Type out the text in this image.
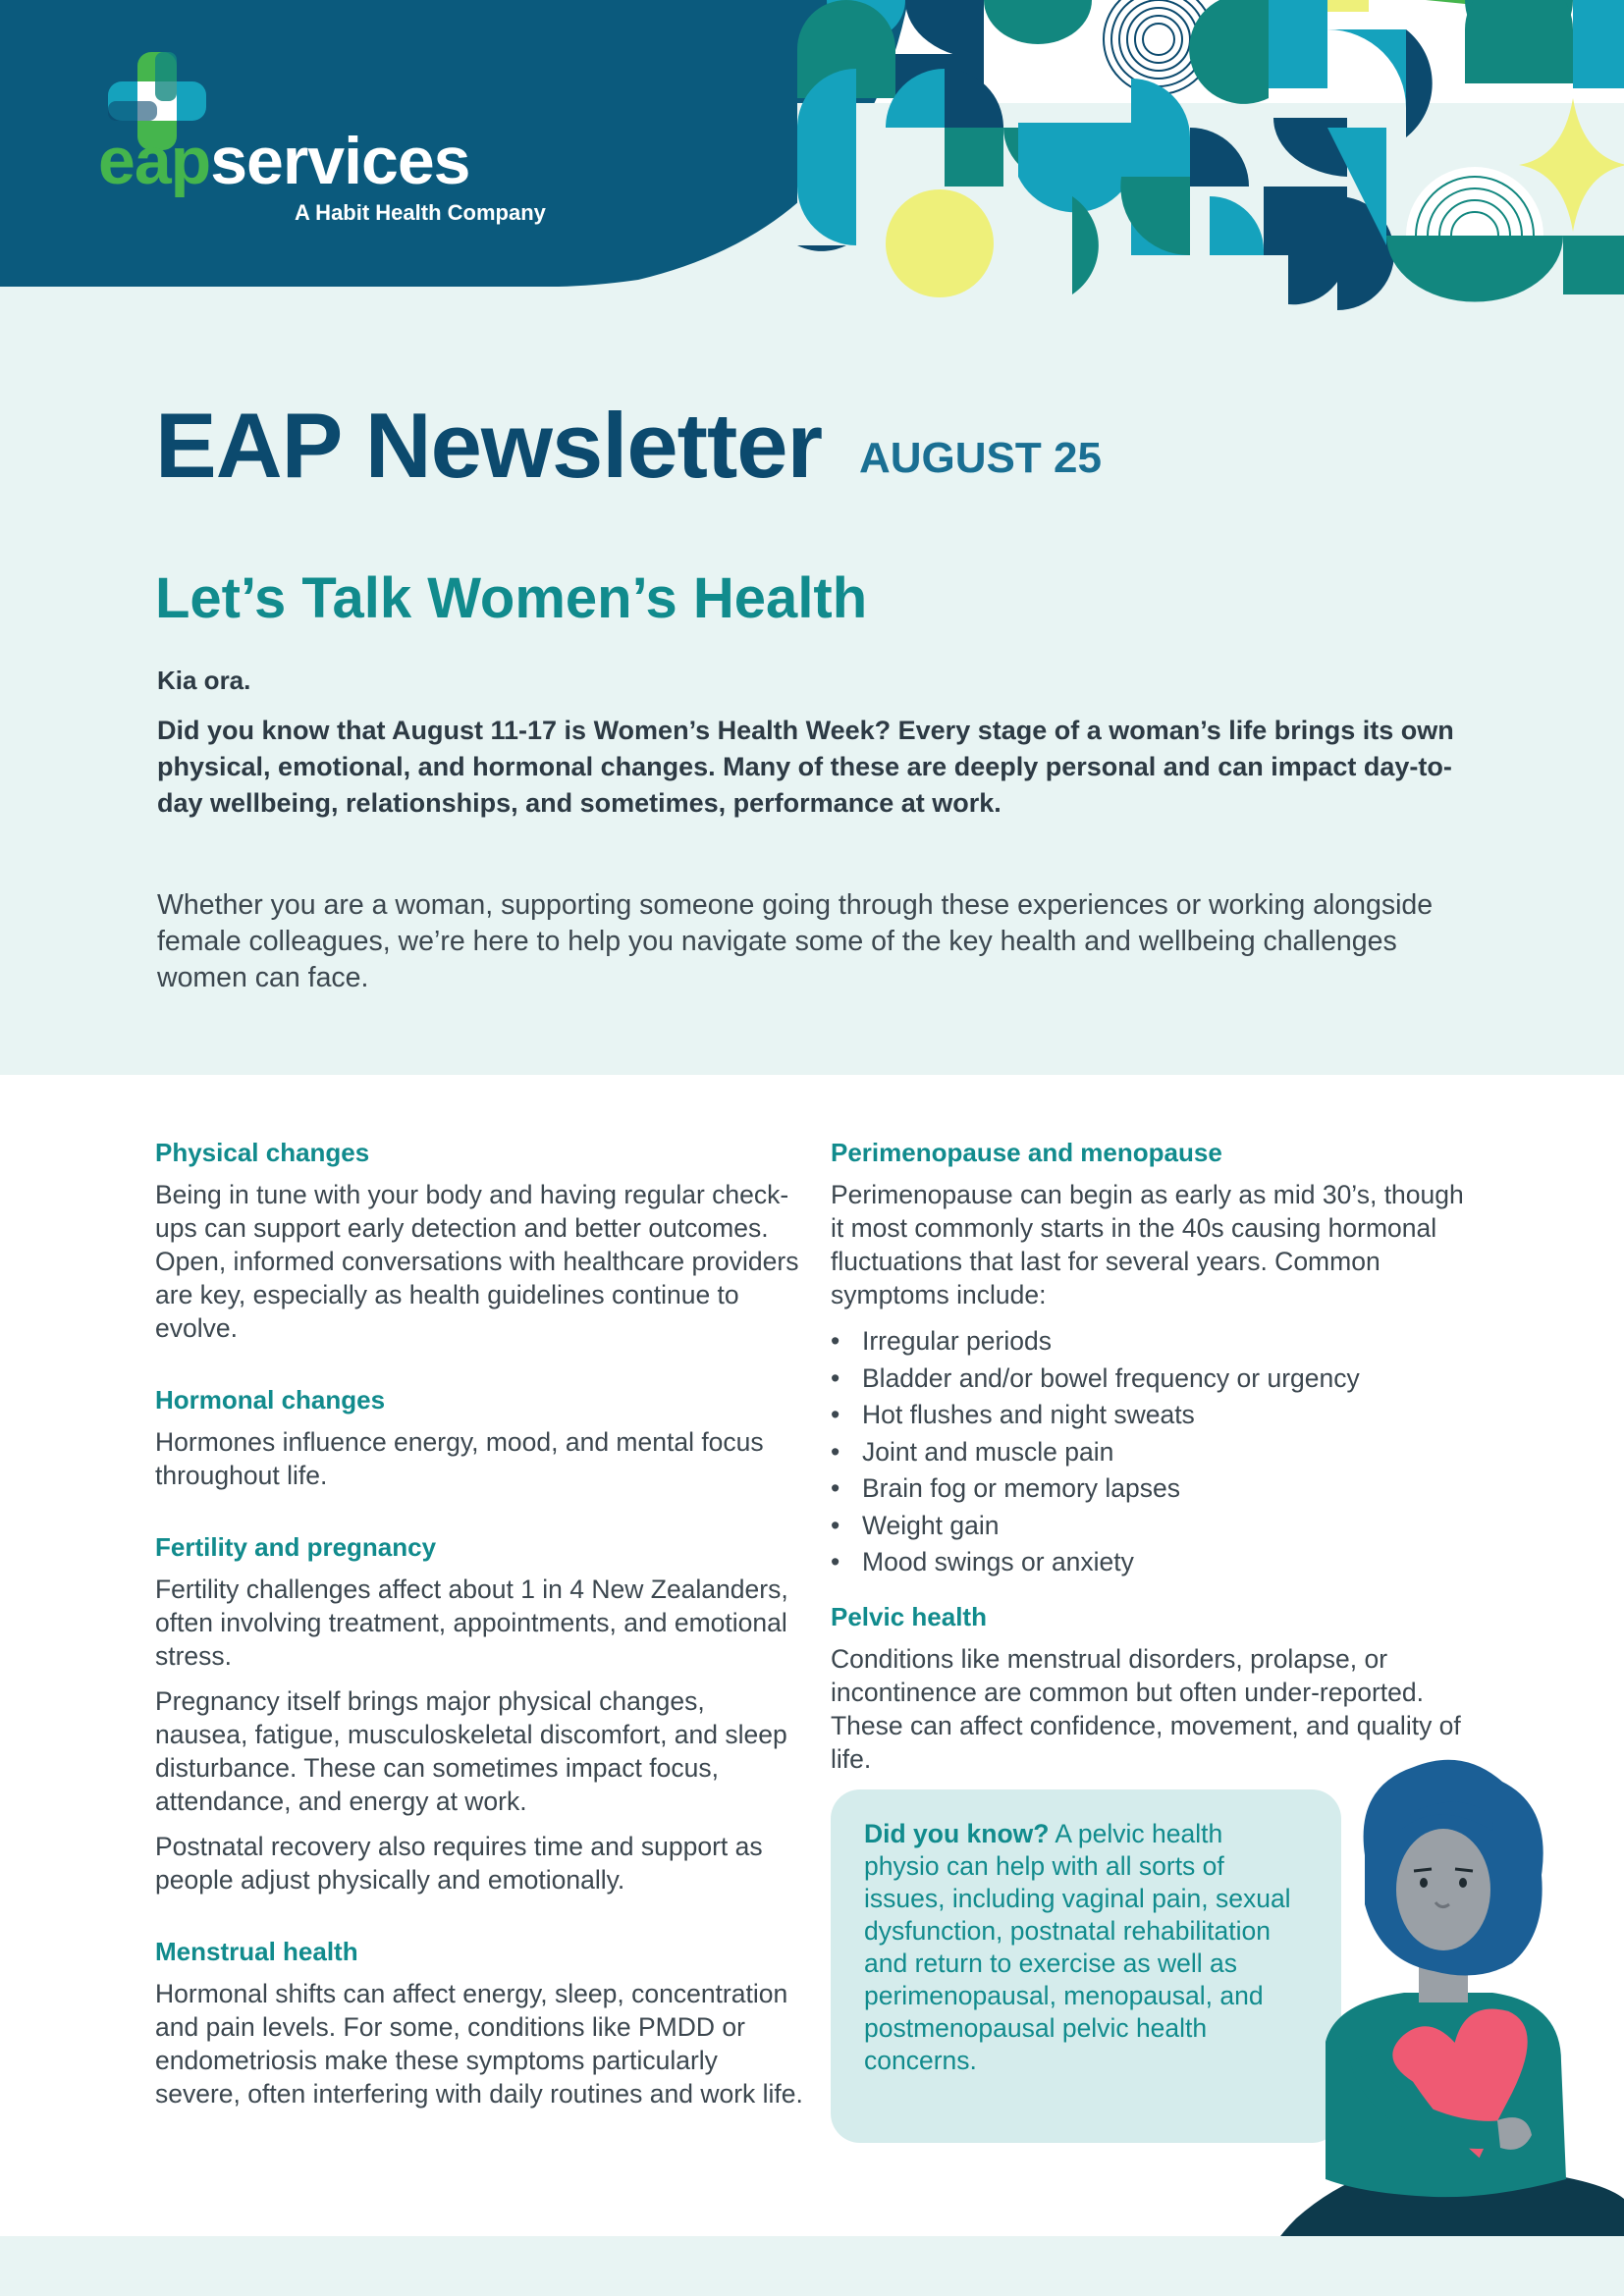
eapservices
A Habit Health Company
EAP Newsletter AUGUST 25
Let’s Talk Women’s Health
Kia ora.

Did you know that August 11-17 is Women’s Health Week? Every stage of a woman’s life brings its own physical, emotional, and hormonal changes. Many of these are deeply personal and can impact day-to-day wellbeing, relationships, and sometimes, performance at work.

Whether you are a woman, supporting someone going through these experiences or working alongside female colleagues, we’re here to help you navigate some of the key health and wellbeing challenges women can face.

Physical changes

Being in tune with your body and having regular check-ups can support early detection and better outcomes. Open, informed conversations with healthcare providers are key, especially as health guidelines continue to evolve.

Hormonal changes

Hormones influence energy, mood, and mental focus throughout life.

Fertility and pregnancy

Fertility challenges affect about 1 in 4 New Zealanders, often involving treatment, appointments, and emotional stress.

Pregnancy itself brings major physical changes, nausea, fatigue, musculoskeletal discomfort, and sleep disturbance. These can sometimes impact focus, attendance, and energy at work.

Postnatal recovery also requires time and support as people adjust physically and emotionally.

Menstrual health

Hormonal shifts can affect energy, sleep, concentration and pain levels. For some, conditions like PMDD or endometriosis make these symptoms particularly severe, often interfering with daily routines and work life.

Perimenopause and menopause

Perimenopause can begin as early as mid 30’s, though it most commonly starts in the 40s causing hormonal fluctuations that last for several years. Common symptoms include:

• Irregular periods
• Bladder and/or bowel frequency or urgency
• Hot flushes and night sweats
• Joint and muscle pain
• Brain fog or memory lapses
• Weight gain
• Mood swings or anxiety
Pelvic health

Conditions like menstrual disorders, prolapse, or incontinence are common but often under-reported. These can affect confidence, movement, and quality of life.

Did you know? A pelvic health physio can help with all sorts of issues, including vaginal pain, sexual dysfunction, postnatal rehabilitation and return to exercise as well as perimenopausal, menopausal, and postmenopausal pelvic health concerns.
